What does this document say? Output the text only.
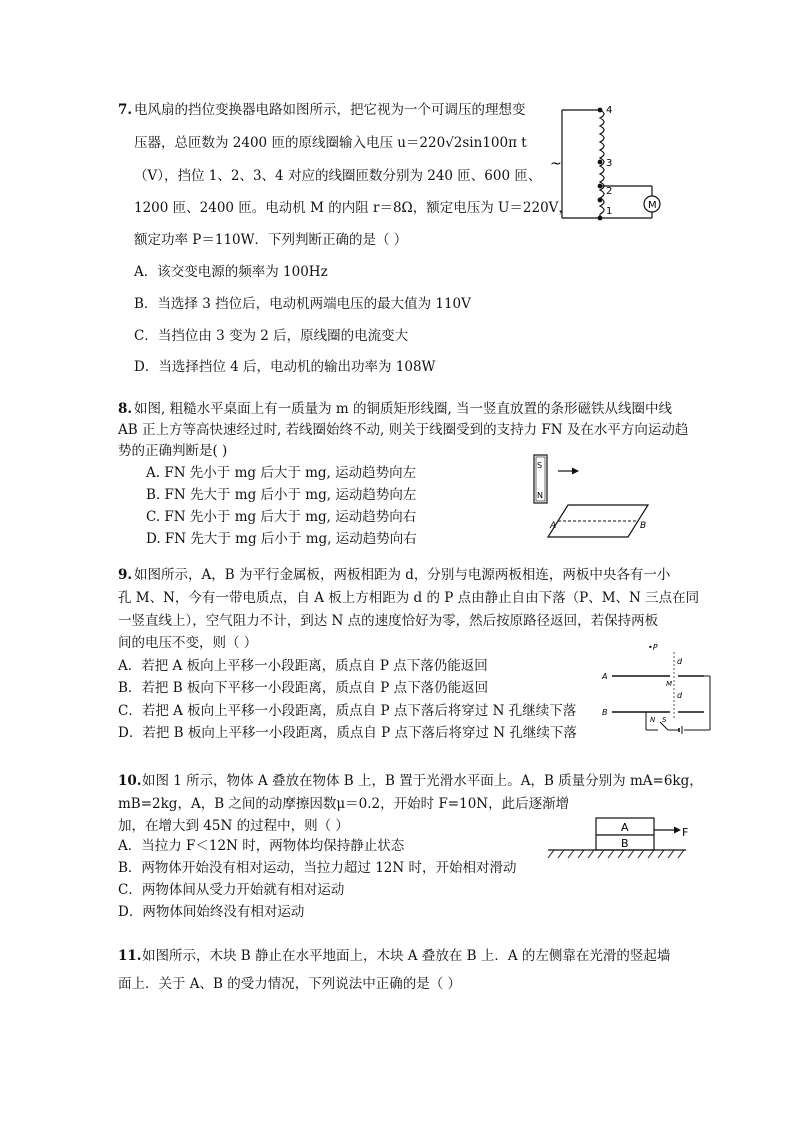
7. 电风扇的挡位变换器电路如图所示，把它视为一个可调压的理想变
压器，总匝数为 2400 匝的原线圈输入电压 u＝220√2sin100π t
（V），挡位 1、2、3、4 对应的线圈匝数分别为 240 匝、600 匝、
1200 匝、2400 匝。电动机 M 的内阻 r＝8Ω，额定电压为 U＝220V，
额定功率 P＝110W．下列判断正确的是（ ）
A．该交变电源的频率为 100Hz
B．当选择 3 挡位后，电动机两端电压的最大值为 110V
C．当挡位由 3 变为 2 后，原线圈的电流变大
D．当选择挡位 4 后，电动机的输出功率为 108W
M
4
3
2
1
~
8. 如图, 粗糙水平桌面上有一质量为 m 的铜质矩形线圈, 当一竖直放置的条形磁铁从线圈中线
AB 正上方等高快速经过时, 若线圈始终不动, 则关于线圈受到的支持力 FN 及在水平方向运动趋
势的正确判断是( )
A. FN 先小于 mg 后大于 mg, 运动趋势向左
B. FN 先大于 mg 后小于 mg, 运动趋势向左
C. FN 先小于 mg 后大于 mg, 运动趋势向右
D. FN 先大于 mg 后小于 mg, 运动趋势向右
S
N
A	B
9. 如图所示，A，B 为平行金属板，两板相距为 d，分别与电源两板相连，两板中央各有一小
孔 M、N，今有一带电质点，自 A 板上方相距为 d 的 P 点由静止自由下落（P、M、N 三点在同
一竖直线上），空气阻力不计，到达 N 点的速度恰好为零，然后按原路径返回，若保持两板
间的电压不变，则（ ）
A．若把 A 板向上平移一小段距离，质点自 P 点下落仍能返回
B．若把 B 板向下平移一小段距离，质点自 P 点下落仍能返回
C．若把 A 板向上平移一小段距离，质点自 P 点下落后将穿过 N 孔继续下落
D．若把 B 板向上平移一小段距离，质点自 P 点下落后将穿过 N 孔继续下落
•P
d
d
A
M
B
N S
10. 如图 1 所示，物体 A 叠放在物体 B 上，B 置于光滑水平面上。A，B 质量分别为 mA=6kg，
mB=2kg，A，B 之间的动摩擦因数μ＝0.2，开始时 F=10N，此后逐渐增
加，在增大到 45N 的过程中，则（ ）
A．当拉力 F＜12N 时，两物体均保持静止状态
B．两物体开始没有相对运动，当拉力超过 12N 时，开始相对滑动
C．两物体间从受力开始就有相对运动
D．两物体间始终没有相对运动
A
B
F
11. 如图所示，木块 B 静止在水平地面上，木块 A 叠放在 B 上．A 的左侧靠在光滑的竖起墙
面上．关于 A、B 的受力情况，下列说法中正确的是（ ）
